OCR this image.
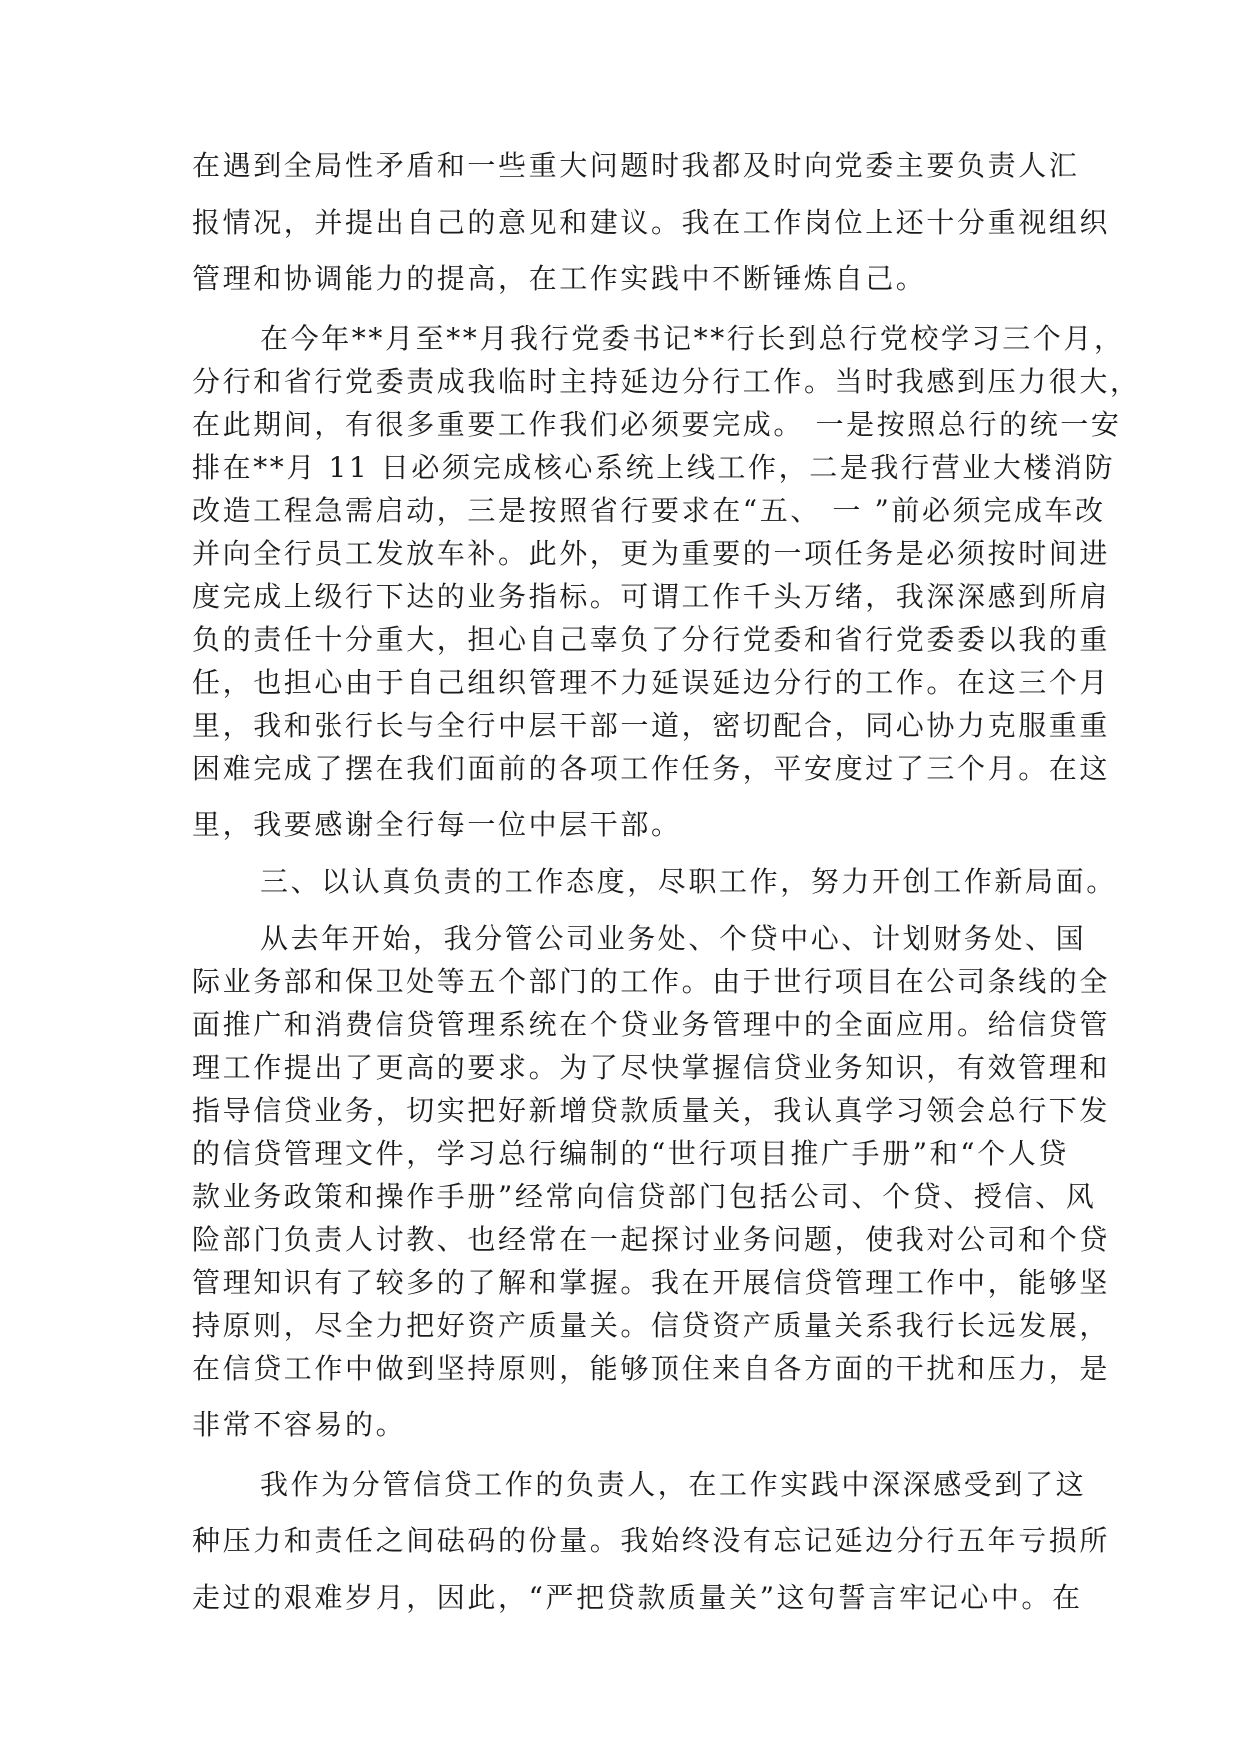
在遇到全局性矛盾和一些重大问题时我都及时向党委主要负责人汇
报情况，并提出自己的意见和建议。我在工作岗位上还十分重视组织
管理和协调能力的提高，在工作实践中不断锤炼自己。
在今年**月至**月我行党委书记**行长到总行党校学习三个月，
分行和省行党委责成我临时主持延边分行工作。当时我感到压力很大，
在此期间，有很多重要工作我们必须要完成。 一是按照总行的统一安
排在**月 11 日必须完成核心系统上线工作，二是我行营业大楼消防
改造工程急需启动，三是按照省行要求在“五、 一 ”前必须完成车改
并向全行员工发放车补。此外，更为重要的一项任务是必须按时间进
度完成上级行下达的业务指标。可谓工作千头万绪，我深深感到所肩
负的责任十分重大，担心自己辜负了分行党委和省行党委委以我的重
任，也担心由于自己组织管理不力延误延边分行的工作。在这三个月
里，我和张行长与全行中层干部一道，密切配合，同心协力克服重重
困难完成了摆在我们面前的各项工作任务，平安度过了三个月。在这
里，我要感谢全行每一位中层干部。
三、以认真负责的工作态度，尽职工作，努力开创工作新局面。
从去年开始，我分管公司业务处、个贷中心、计划财务处、国
际业务部和保卫处等五个部门的工作。由于世行项目在公司条线的全
面推广和消费信贷管理系统在个贷业务管理中的全面应用。给信贷管
理工作提出了更高的要求。为了尽快掌握信贷业务知识，有效管理和
指导信贷业务，切实把好新增贷款质量关，我认真学习领会总行下发
的信贷管理文件，学习总行编制的“世行项目推广手册”和“个人贷
款业务政策和操作手册”经常向信贷部门包括公司、个贷、授信、风
险部门负责人讨教、也经常在一起探讨业务问题，使我对公司和个贷
管理知识有了较多的了解和掌握。我在开展信贷管理工作中，能够坚
持原则，尽全力把好资产质量关。信贷资产质量关系我行长远发展，
在信贷工作中做到坚持原则，能够顶住来自各方面的干扰和压力，是
非常不容易的。
我作为分管信贷工作的负责人，在工作实践中深深感受到了这
种压力和责任之间砝码的份量。我始终没有忘记延边分行五年亏损所
走过的艰难岁月，因此，“严把贷款质量关”这句誓言牢记心中。在
